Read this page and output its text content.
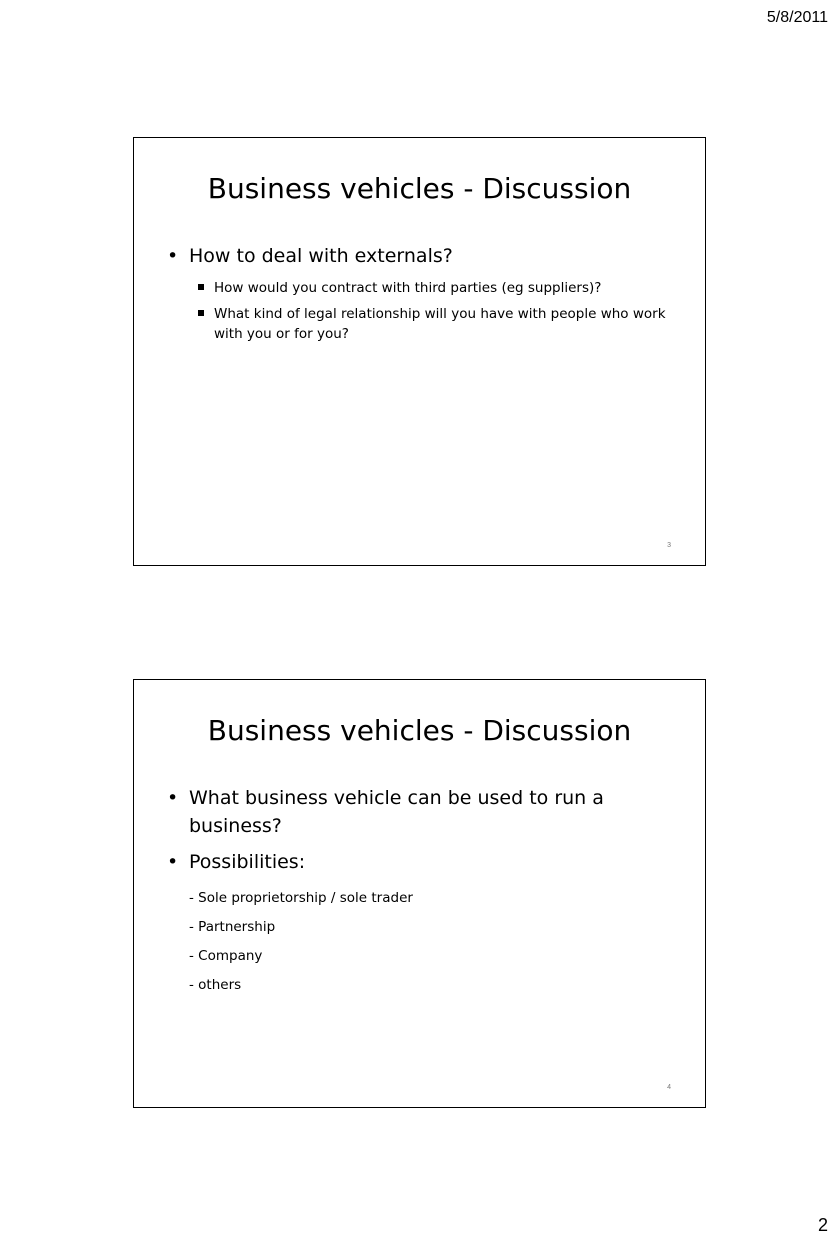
5/8/2011
Business vehicles - Discussion
• How to deal with externals?
How would you contract with third parties (eg suppliers)?
What kind of legal relationship will you have with people who work with you or for you?
3
Business vehicles - Discussion
• What business vehicle can be used to run a business?
• Possibilities:
- Sole proprietorship / sole trader
- Partnership
- Company
- others
4
2
